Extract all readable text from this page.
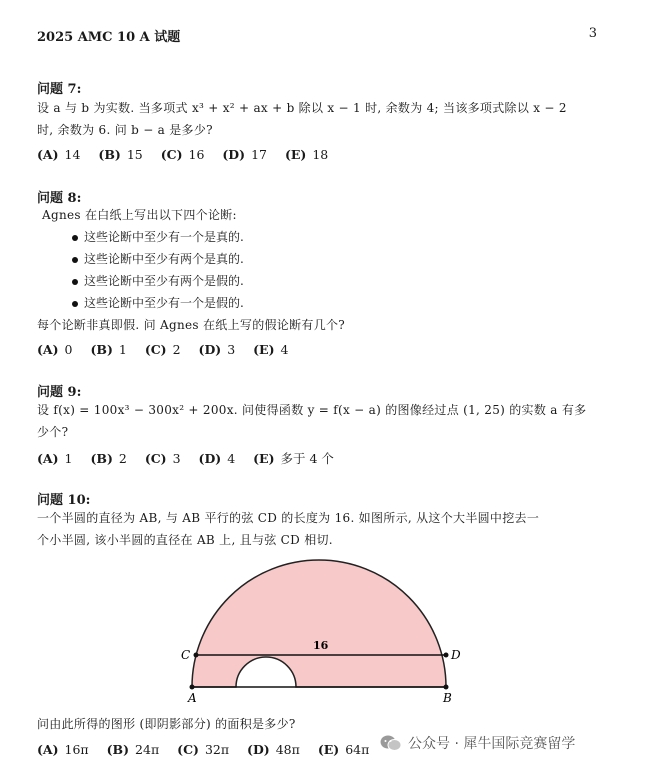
2025 AMC 10 A 试题	3
问题 7:
设 a 与 b 为实数. 当多项式 x³ + x² + ax + b 除以 x − 1 时, 余数为 4; 当该多项式除以 x − 2
时, 余数为 6. 问 b − a 是多少?
(A) 14 (B) 15 (C) 16 (D) 17 (E) 18
问题 8:
Agnes 在白纸上写出以下四个论断:
这些论断中至少有一个是真的.
这些论断中至少有两个是真的.
这些论断中至少有两个是假的.
这些论断中至少有一个是假的.
每个论断非真即假. 问 Agnes 在纸上写的假论断有几个?
(A) 0 (B) 1 (C) 2 (D) 3 (E) 4
问题 9:
设 f(x) = 100x³ − 300x² + 200x. 问使得函数 y = f(x − a) 的图像经过点 (1, 25) 的实数 a 有多
少个?
(A) 1 (B) 2 (C) 3 (D) 4 (E) 多于 4 个
问题 10:
一个半圆的直径为 AB, 与 AB 平行的弦 CD 的长度为 16. 如图所示, 从这个大半圆中挖去一
个小半圆, 该小半圆的直径在 AB 上, 且与弦 CD 相切.
C	D
A	B
16
问由此所得的图形 (即阴影部分) 的面积是多少?
(A) 16π (B) 24π (C) 32π (D) 48π (E) 64π	公众号 · 犀牛国际竞赛留学
